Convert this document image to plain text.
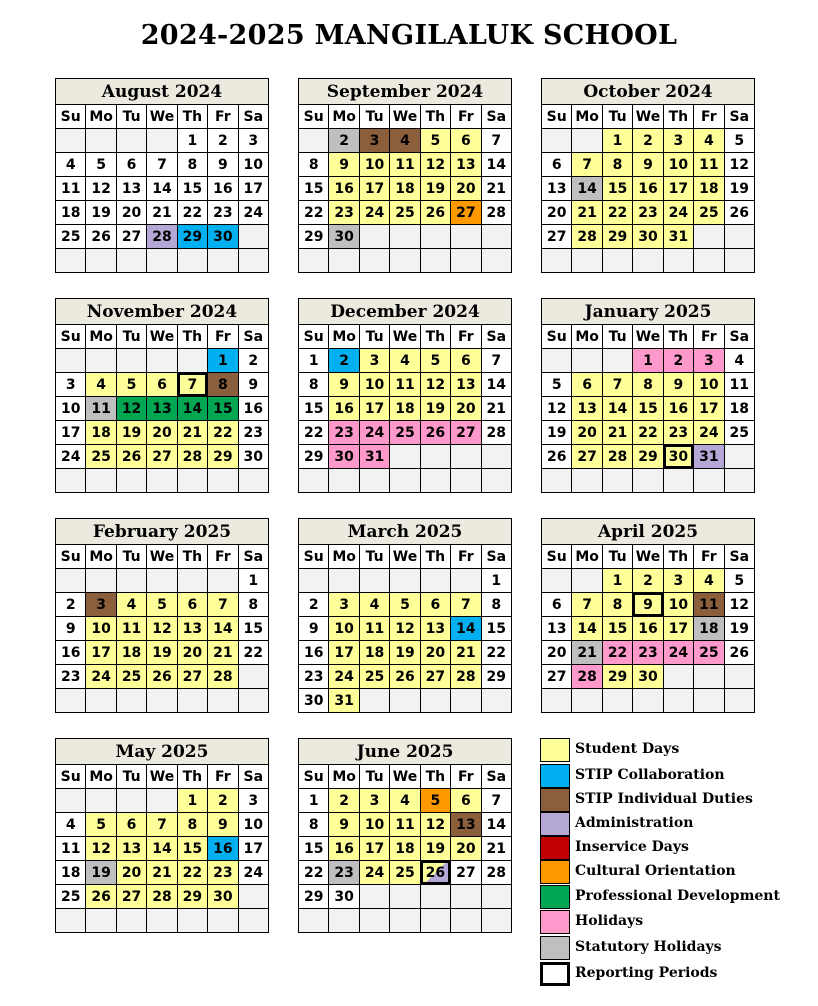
2024-2025 MANGILALUK SCHOOL
August 2024
Su	Mo	Tu	We	Th	Fr	Sa
				1	2	3
4	5	6	7	8	9	10
11	12	13	14	15	16	17
18	19	20	21	22	23	24
25	26	27	28	29	30	

September 2024
Su	Mo	Tu	We	Th	Fr	Sa
	2	3	4	5	6	7
8	9	10	11	12	13	14
15	16	17	18	19	20	21
22	23	24	25	26	27	28
29	30					

October 2024
Su	Mo	Tu	We	Th	Fr	Sa
		1	2	3	4	5
6	7	8	9	10	11	12
13	14	15	16	17	18	19
20	21	22	23	24	25	26
27	28	29	30	31		

November 2024
Su	Mo	Tu	We	Th	Fr	Sa
					1	2
3	4	5	6	7	8	9
10	11	12	13	14	15	16
17	18	19	20	21	22	23
24	25	26	27	28	29	30

December 2024
Su	Mo	Tu	We	Th	Fr	Sa
1	2	3	4	5	6	7
8	9	10	11	12	13	14
15	16	17	18	19	20	21
22	23	24	25	26	27	28
29	30	31				

January 2025
Su	Mo	Tu	We	Th	Fr	Sa
			1	2	3	4
5	6	7	8	9	10	11
12	13	14	15	16	17	18
19	20	21	22	23	24	25
26	27	28	29	30	31	

February 2025
Su	Mo	Tu	We	Th	Fr	Sa
						1
2	3	4	5	6	7	8
9	10	11	12	13	14	15
16	17	18	19	20	21	22
23	24	25	26	27	28	

March 2025
Su	Mo	Tu	We	Th	Fr	Sa
						1
2	3	4	5	6	7	8
9	10	11	12	13	14	15
16	17	18	19	20	21	22
23	24	25	26	27	28	29
30	31					
April 2025
Su	Mo	Tu	We	Th	Fr	Sa
		1	2	3	4	5
6	7	8	9	10	11	12
13	14	15	16	17	18	19
20	21	22	23	24	25	26
27	28	29	30			

May 2025
Su	Mo	Tu	We	Th	Fr	Sa
				1	2	3
4	5	6	7	8	9	10
11	12	13	14	15	16	17
18	19	20	21	22	23	24
25	26	27	28	29	30	

June 2025
Su	Mo	Tu	We	Th	Fr	Sa
1	2	3	4	5	6	7
8	9	10	11	12	13	14
15	16	17	18	19	20	21
22	23	24	25	26	27	28
29	30					

Student Days
STIP Collaboration
STIP Individual Duties
Administration
Inservice Days
Cultural Orientation
Professional Development
Holidays
Statutory Holidays
Reporting Periods
